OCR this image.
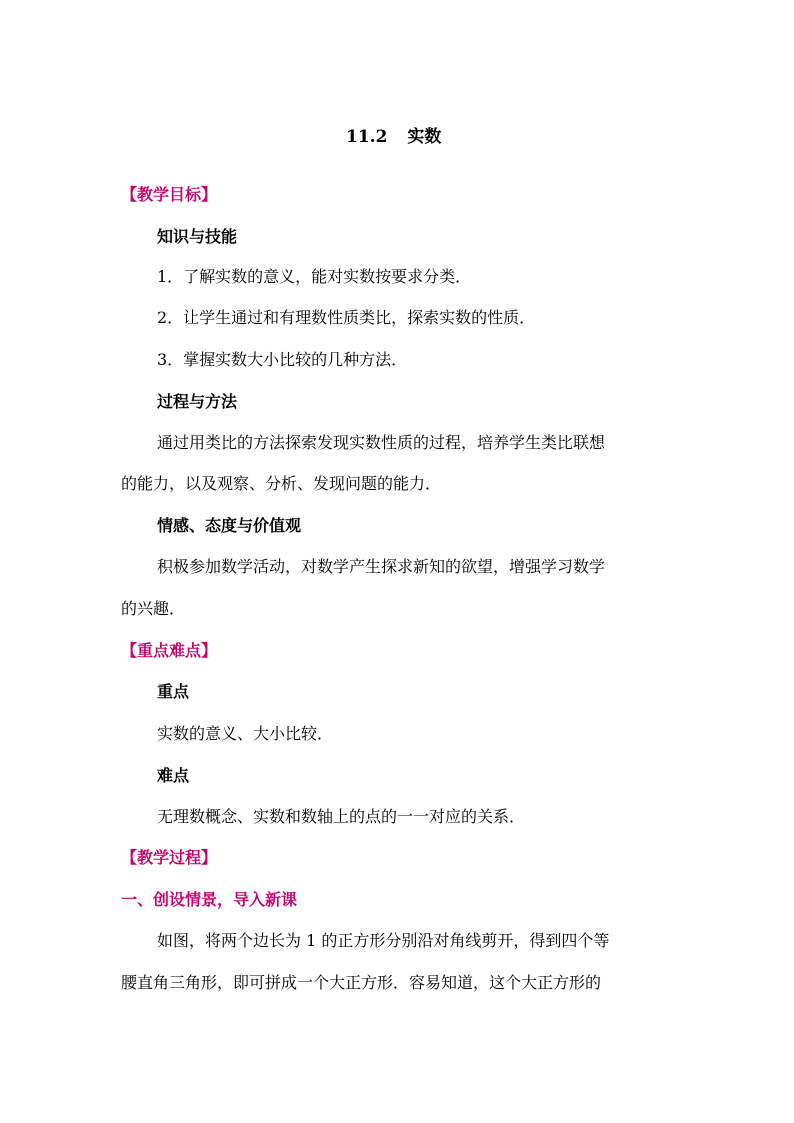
11.2 实数
【教学目标】
知识与技能
1．了解实数的意义，能对实数按要求分类．
2．让学生通过和有理数性质类比，探索实数的性质．
3．掌握实数大小比较的几种方法．
过程与方法
通过用类比的方法探索发现实数性质的过程，培养学生类比联想
的能力，以及观察、分析、发现问题的能力．
情感、态度与价值观
积极参加数学活动，对数学产生探求新知的欲望，增强学习数学
的兴趣．
【重点难点】
重点
实数的意义、大小比较．
难点
无理数概念、实数和数轴上的点的一一对应的关系．
【教学过程】
一、创设情景，导入新课
如图，将两个边长为 1 的正方形分别沿对角线剪开，得到四个等
腰直角三角形，即可拼成一个大正方形．容易知道，这个大正方形的
